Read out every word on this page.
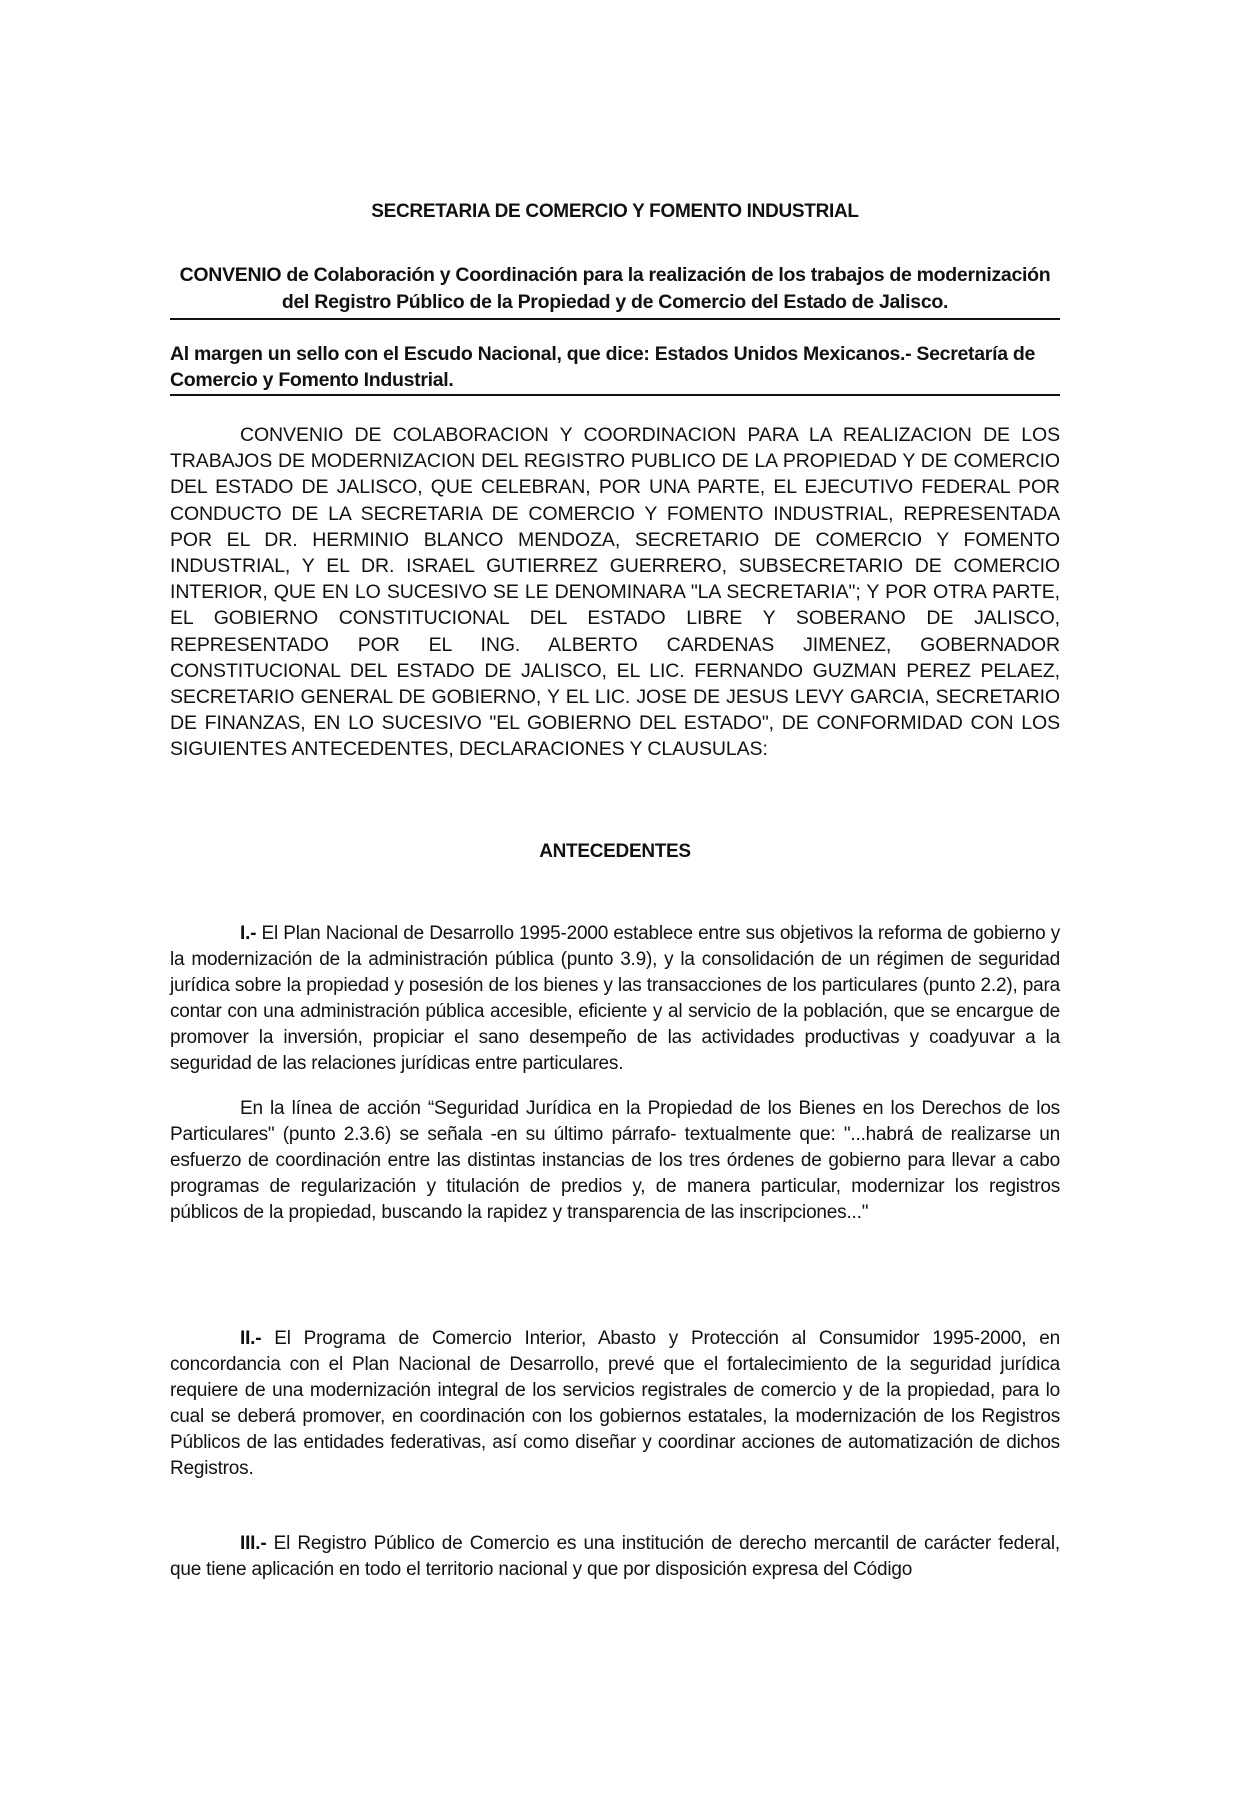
SECRETARIA DE COMERCIO Y FOMENTO INDUSTRIAL
CONVENIO de Colaboración y Coordinación para la realización de los trabajos de modernización del Registro Público de la Propiedad y de Comercio del Estado de Jalisco.
Al margen un sello con el Escudo Nacional, que dice: Estados Unidos Mexicanos.- Secretaría de Comercio y Fomento Industrial.
CONVENIO DE COLABORACION Y COORDINACION PARA LA REALIZACION DE LOS TRABAJOS DE MODERNIZACION DEL REGISTRO PUBLICO DE LA PROPIEDAD Y DE COMERCIO DEL ESTADO DE JALISCO, QUE CELEBRAN, POR UNA PARTE, EL EJECUTIVO FEDERAL POR CONDUCTO DE LA SECRETARIA DE COMERCIO Y FOMENTO INDUSTRIAL, REPRESENTADA POR EL DR. HERMINIO BLANCO MENDOZA, SECRETARIO DE COMERCIO Y FOMENTO INDUSTRIAL, Y EL DR. ISRAEL GUTIERREZ GUERRERO, SUBSECRETARIO DE COMERCIO INTERIOR, QUE EN LO SUCESIVO SE LE DENOMINARA "LA SECRETARIA"; Y POR OTRA PARTE, EL GOBIERNO CONSTITUCIONAL DEL ESTADO LIBRE Y SOBERANO DE JALISCO, REPRESENTADO POR EL ING. ALBERTO CARDENAS JIMENEZ, GOBERNADOR CONSTITUCIONAL DEL ESTADO DE JALISCO, EL LIC. FERNANDO GUZMAN PEREZ PELAEZ, SECRETARIO GENERAL DE GOBIERNO, Y EL LIC. JOSE DE JESUS LEVY GARCIA, SECRETARIO DE FINANZAS, EN LO SUCESIVO "EL GOBIERNO DEL ESTADO", DE CONFORMIDAD CON LOS SIGUIENTES ANTECEDENTES, DECLARACIONES Y CLAUSULAS:
ANTECEDENTES
I.- El Plan Nacional de Desarrollo 1995-2000 establece entre sus objetivos la reforma de gobierno y la modernización de la administración pública (punto 3.9), y la consolidación de un régimen de seguridad jurídica sobre la propiedad y posesión de los bienes y las transacciones de los particulares (punto 2.2), para contar con una administración pública accesible, eficiente y al servicio de la población, que se encargue de promover la inversión, propiciar el sano desempeño de las actividades productivas y coadyuvar a la seguridad de las relaciones jurídicas entre particulares.
En la línea de acción “Seguridad Jurídica en la Propiedad de los Bienes en los Derechos de los Particulares" (punto 2.3.6) se señala -en su último párrafo- textualmente que: "...habrá de realizarse un esfuerzo de coordinación entre las distintas instancias de los tres órdenes de gobierno para llevar a cabo programas de regularización y titulación de predios y, de manera particular, modernizar los registros públicos de la propiedad, buscando la rapidez y transparencia de las inscripciones..."
II.- El Programa de Comercio Interior, Abasto y Protección al Consumidor 1995-2000, en concordancia con el Plan Nacional de Desarrollo, prevé que el fortalecimiento de la seguridad jurídica requiere de una modernización integral de los servicios registrales de comercio y de la propiedad, para lo cual se deberá promover, en coordinación con los gobiernos estatales, la modernización de los Registros Públicos de las entidades federativas, así como diseñar y coordinar acciones de automatización de dichos Registros.
III.- El Registro Público de Comercio es una institución de derecho mercantil de carácter federal, que tiene aplicación en todo el territorio nacional y que por disposición expresa del Código
